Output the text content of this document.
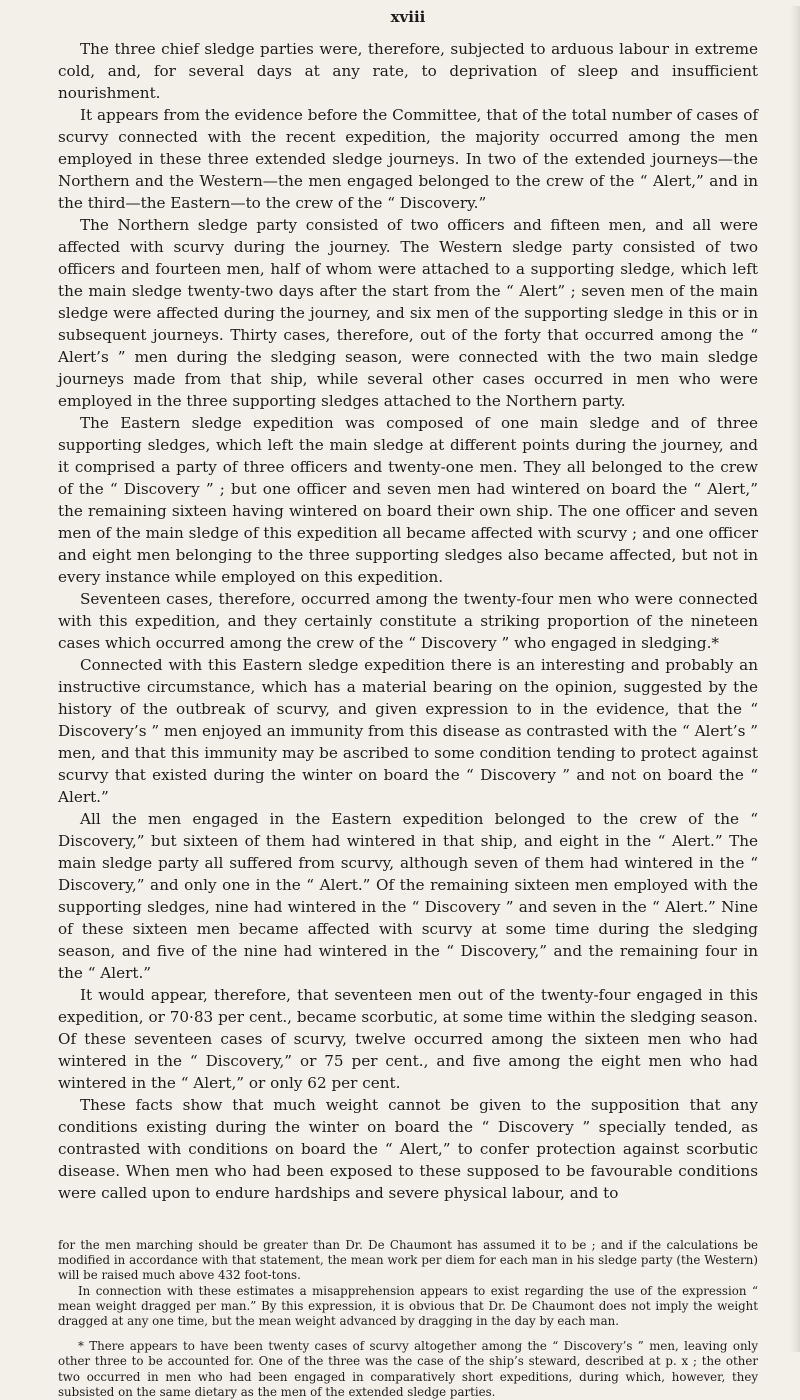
xviii

The three chief sledge parties were, therefore, subjected to arduous labour in extreme cold, and, for several days at any rate, to deprivation of sleep and insufficient nourishment.

It appears from the evidence before the Committee, that of the total number of cases of scurvy connected with the recent expedition, the majority occurred among the men employed in these three extended sledge journeys. In two of the extended journeys—the Northern and the Western—the men engaged belonged to the crew of the “ Alert,” and in the third—the Eastern—to the crew of the “ Discovery.”

The Northern sledge party consisted of two officers and fifteen men, and all were affected with scurvy during the journey. The Western sledge party consisted of two officers and fourteen men, half of whom were attached to a supporting sledge, which left the main sledge twenty-two days after the start from the “ Alert” ; seven men of the main sledge were affected during the journey, and six men of the supporting sledge in this or in subsequent journeys. Thirty cases, therefore, out of the forty that occurred among the “ Alert’s ” men during the sledging season, were connected with the two main sledge journeys made from that ship, while several other cases occurred in men who were employed in the three supporting sledges attached to the Northern party.

The Eastern sledge expedition was composed of one main sledge and of three supporting sledges, which left the main sledge at different points during the journey, and it comprised a party of three officers and twenty-one men. They all belonged to the crew of the “ Discovery ” ; but one officer and seven men had wintered on board the “ Alert,” the remaining sixteen having wintered on board their own ship. The one officer and seven men of the main sledge of this expedition all became affected with scurvy ; and one officer and eight men belonging to the three supporting sledges also became affected, but not in every instance while employed on this expedition.

Seventeen cases, therefore, occurred among the twenty-four men who were connected with this expedition, and they certainly constitute a striking proportion of the nineteen cases which occurred among the crew of the “ Discovery ” who engaged in sledging.*

Connected with this Eastern sledge expedition there is an interesting and probably an instructive circumstance, which has a material bearing on the opinion, suggested by the history of the outbreak of scurvy, and given expression to in the evidence, that the “ Discovery’s ” men enjoyed an immunity from this disease as contrasted with the “ Alert’s ” men, and that this immunity may be ascribed to some condition tending to protect against scurvy that existed during the winter on board the “ Discovery ” and not on board the “ Alert.”

All the men engaged in the Eastern expedition belonged to the crew of the “ Discovery,” but sixteen of them had wintered in that ship, and eight in the “ Alert.” The main sledge party all suffered from scurvy, although seven of them had wintered in the “ Discovery,” and only one in the “ Alert.” Of the remaining sixteen men employed with the supporting sledges, nine had wintered in the “ Discovery ” and seven in the “ Alert.” Nine of these sixteen men became affected with scurvy at some time during the sledging season, and five of the nine had wintered in the “ Discovery,” and the remaining four in the “ Alert.”

It would appear, therefore, that seventeen men out of the twenty-four engaged in this expedition, or 70·83 per cent., became scorbutic, at some time within the sledging season. Of these seventeen cases of scurvy, twelve occurred among the sixteen men who had wintered in the “ Discovery,” or 75 per cent., and five among the eight men who had wintered in the “ Alert,” or only 62 per cent.

These facts show that much weight cannot be given to the supposition that any conditions existing during the winter on board the “ Discovery ” specially tended, as contrasted with conditions on board the “ Alert,” to confer protection against scorbutic disease. When men who had been exposed to these supposed to be favourable conditions were called upon to endure hardships and severe physical labour, and to

for the men marching should be greater than Dr. De Chaumont has assumed it to be ; and if the calculations be modified in accordance with that statement, the mean work per diem for each man in his sledge party (the Western) will be raised much above 432 foot-tons.

In connection with these estimates a misapprehension appears to exist regarding the use of the expression “ mean weight dragged per man.” By this expression, it is obvious that Dr. De Chaumont does not imply the weight dragged at any one time, but the mean weight advanced by dragging in the day by each man.

* There appears to have been twenty cases of scurvy altogether among the “ Discovery’s ” men, leaving only other three to be accounted for. One of the three was the case of the ship’s steward, described at p. x ; the other two occurred in men who had been engaged in comparatively short expeditions, during which, however, they subsisted on the same dietary as the men of the extended sledge parties.
